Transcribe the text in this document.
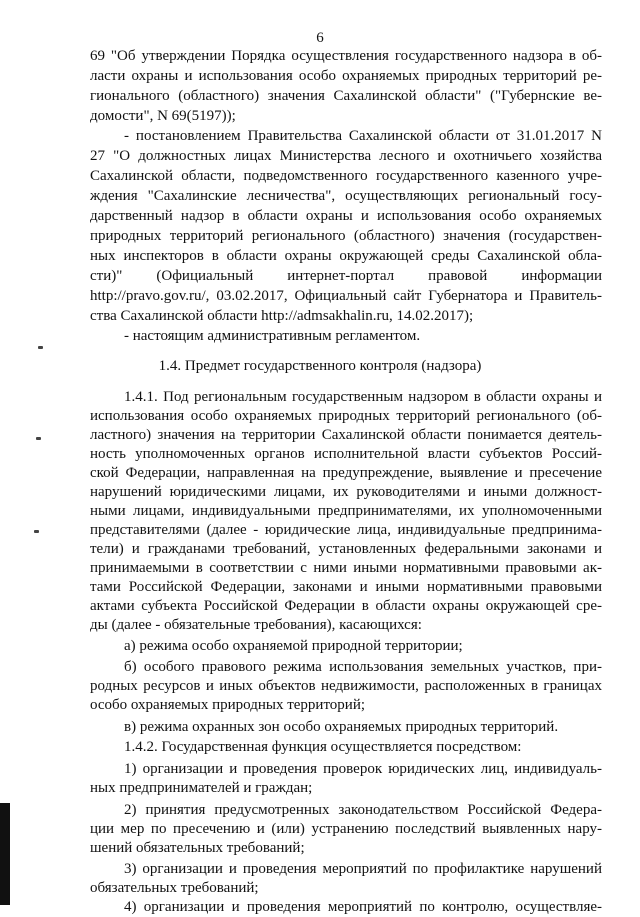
6
69 "Об утверждении Порядка осуществления государственного надзора в об-
ласти охраны и использования особо охраняемых природных территорий ре-
гионального (областного) значения Сахалинской области" ("Губернские ве-
домости", N 69(5197));
- постановлением Правительства Сахалинской области от 31.01.2017 N
27 "О должностных лицах Министерства лесного и охотничьего хозяйства
Сахалинской области, подведомственного государственного казенного учре-
ждения "Сахалинские лесничества", осуществляющих региональный госу-
дарственный надзор в области охраны и использования особо охраняемых
природных территорий регионального (областного) значения (государствен-
ных инспекторов в области охраны окружающей среды Сахалинской обла-
сти)" (Официальный интернет-портал правовой информации
http://pravo.gov.ru/, 03.02.2017, Официальный сайт Губернатора и Правитель-
ства Сахалинской области http://admsakhalin.ru, 14.02.2017);
- настоящим административным регламентом.
1.4. Предмет государственного контроля (надзора)
1.4.1. Под региональным государственным надзором в области охраны и
использования особо охраняемых природных территорий регионального (об-
ластного) значения на территории Сахалинской области понимается деятель-
ность уполномоченных органов исполнительной власти субъектов Россий-
ской Федерации, направленная на предупреждение, выявление и пресечение
нарушений юридическими лицами, их руководителями и иными должност-
ными лицами, индивидуальными предпринимателями, их уполномоченными
представителями (далее - юридические лица, индивидуальные предпринима-
тели) и гражданами требований, установленных федеральными законами и
принимаемыми в соответствии с ними иными нормативными правовыми ак-
тами Российской Федерации, законами и иными нормативными правовыми
актами субъекта Российской Федерации в области охраны окружающей сре-
ды (далее - обязательные требования), касающихся:
а) режима особо охраняемой природной территории;
б) особого правового режима использования земельных участков, при-
родных ресурсов и иных объектов недвижимости, расположенных в границах
особо охраняемых природных территорий;
в) режима охранных зон особо охраняемых природных территорий.
1.4.2. Государственная функция осуществляется посредством:
1) организации и проведения проверок юридических лиц, индивидуаль-
ных предпринимателей и граждан;
2) принятия предусмотренных законодательством Российской Федера-
ции мер по пресечению и (или) устранению последствий выявленных нару-
шений обязательных требований;
3) организации и проведения мероприятий по профилактике нарушений
обязательных требований;
4) организации и проведения мероприятий по контролю, осуществляе-
